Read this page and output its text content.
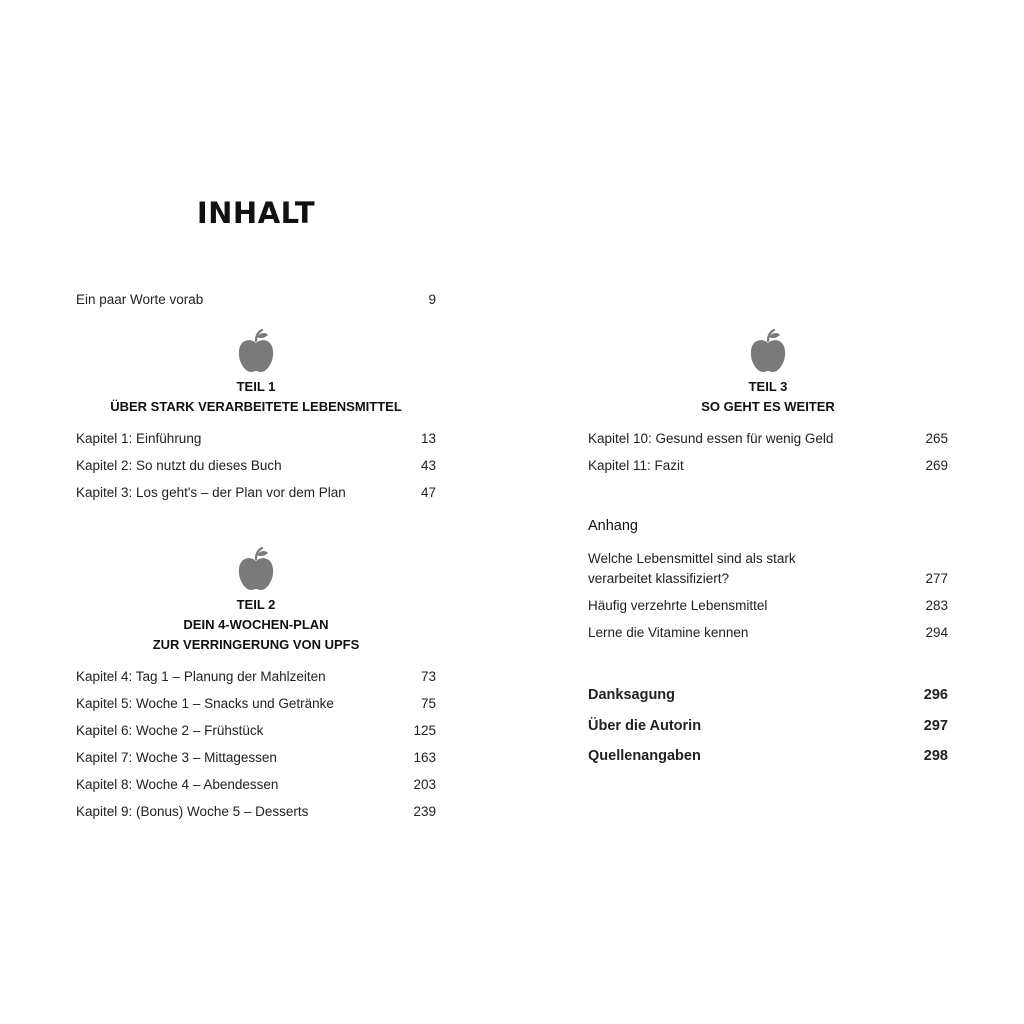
INHALT
Ein paar Worte vorab	9
TEIL 1
ÜBER STARK VERARBEITETE LEBENSMITTEL
Kapitel 1: Einführung	13
Kapitel 2: So nutzt du dieses Buch	43
Kapitel 3: Los geht's – der Plan vor dem Plan	47
TEIL 2
DEIN 4-WOCHEN-PLAN
ZUR VERRINGERUNG VON UPFS
Kapitel 4: Tag 1 – Planung der Mahlzeiten	73
Kapitel 5: Woche 1 – Snacks und Getränke	75
Kapitel 6: Woche 2 – Frühstück	125
Kapitel 7: Woche 3 – Mittagessen	163
Kapitel 8: Woche 4 – Abendessen	203
Kapitel 9: (Bonus) Woche 5 – Desserts	239
TEIL 3
SO GEHT ES WEITER
Kapitel 10: Gesund essen für wenig Geld	265
Kapitel 11: Fazit	269
Anhang
Welche Lebensmittel sind als stark
verarbeitet klassifiziert?	277
Häufig verzehrte Lebensmittel	283
Lerne die Vitamine kennen	294
Danksagung	296
Über die Autorin	297
Quellenangaben	298
